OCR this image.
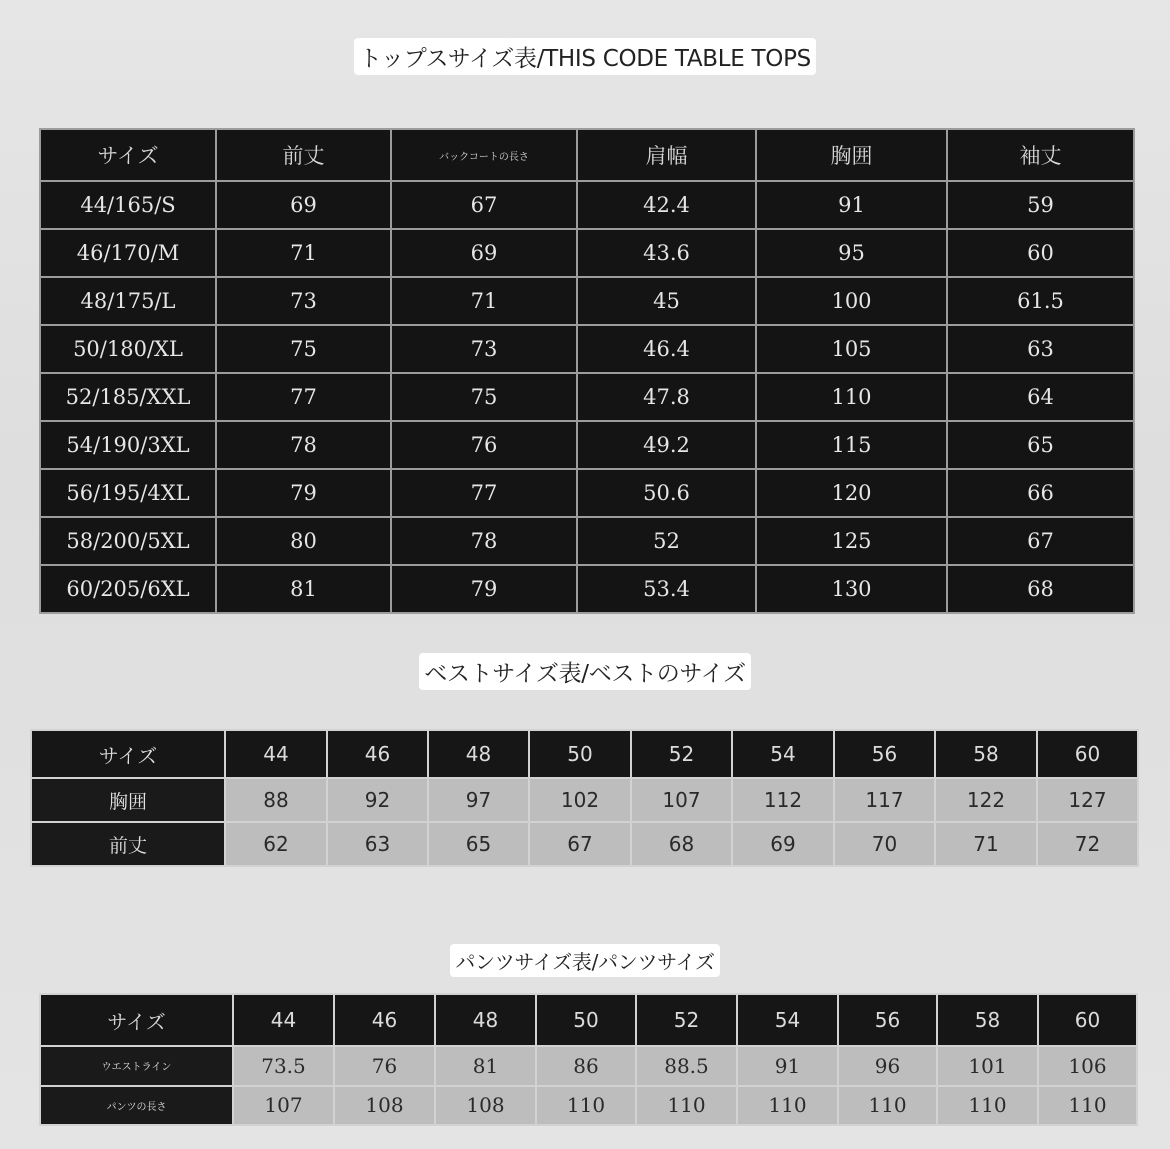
トップスサイズ表/THIS CODE TABLE TOPS
サイズ	前丈	バックコートの長さ	肩幅	胸囲	袖丈
44/165/S	69	67	42.4	91	59
46/170/M	71	69	43.6	95	60
48/175/L	73	71	45	100	61.5
50/180/XL	75	73	46.4	105	63
52/185/XXL	77	75	47.8	110	64
54/190/3XL	78	76	49.2	115	65
56/195/4XL	79	77	50.6	120	66
58/200/5XL	80	78	52	125	67
60/205/6XL	81	79	53.4	130	68
ベストサイズ表/ベストのサイズ
サイズ	44	46	48	50	52	54	56	58	60
胸囲	88	92	97	102	107	112	117	122	127
前丈	62	63	65	67	68	69	70	71	72
パンツサイズ表/パンツサイズ
サイズ	44	46	48	50	52	54	56	58	60
ウエストライン	73.5	76	81	86	88.5	91	96	101	106
パンツの長さ	107	108	108	110	110	110	110	110	110
